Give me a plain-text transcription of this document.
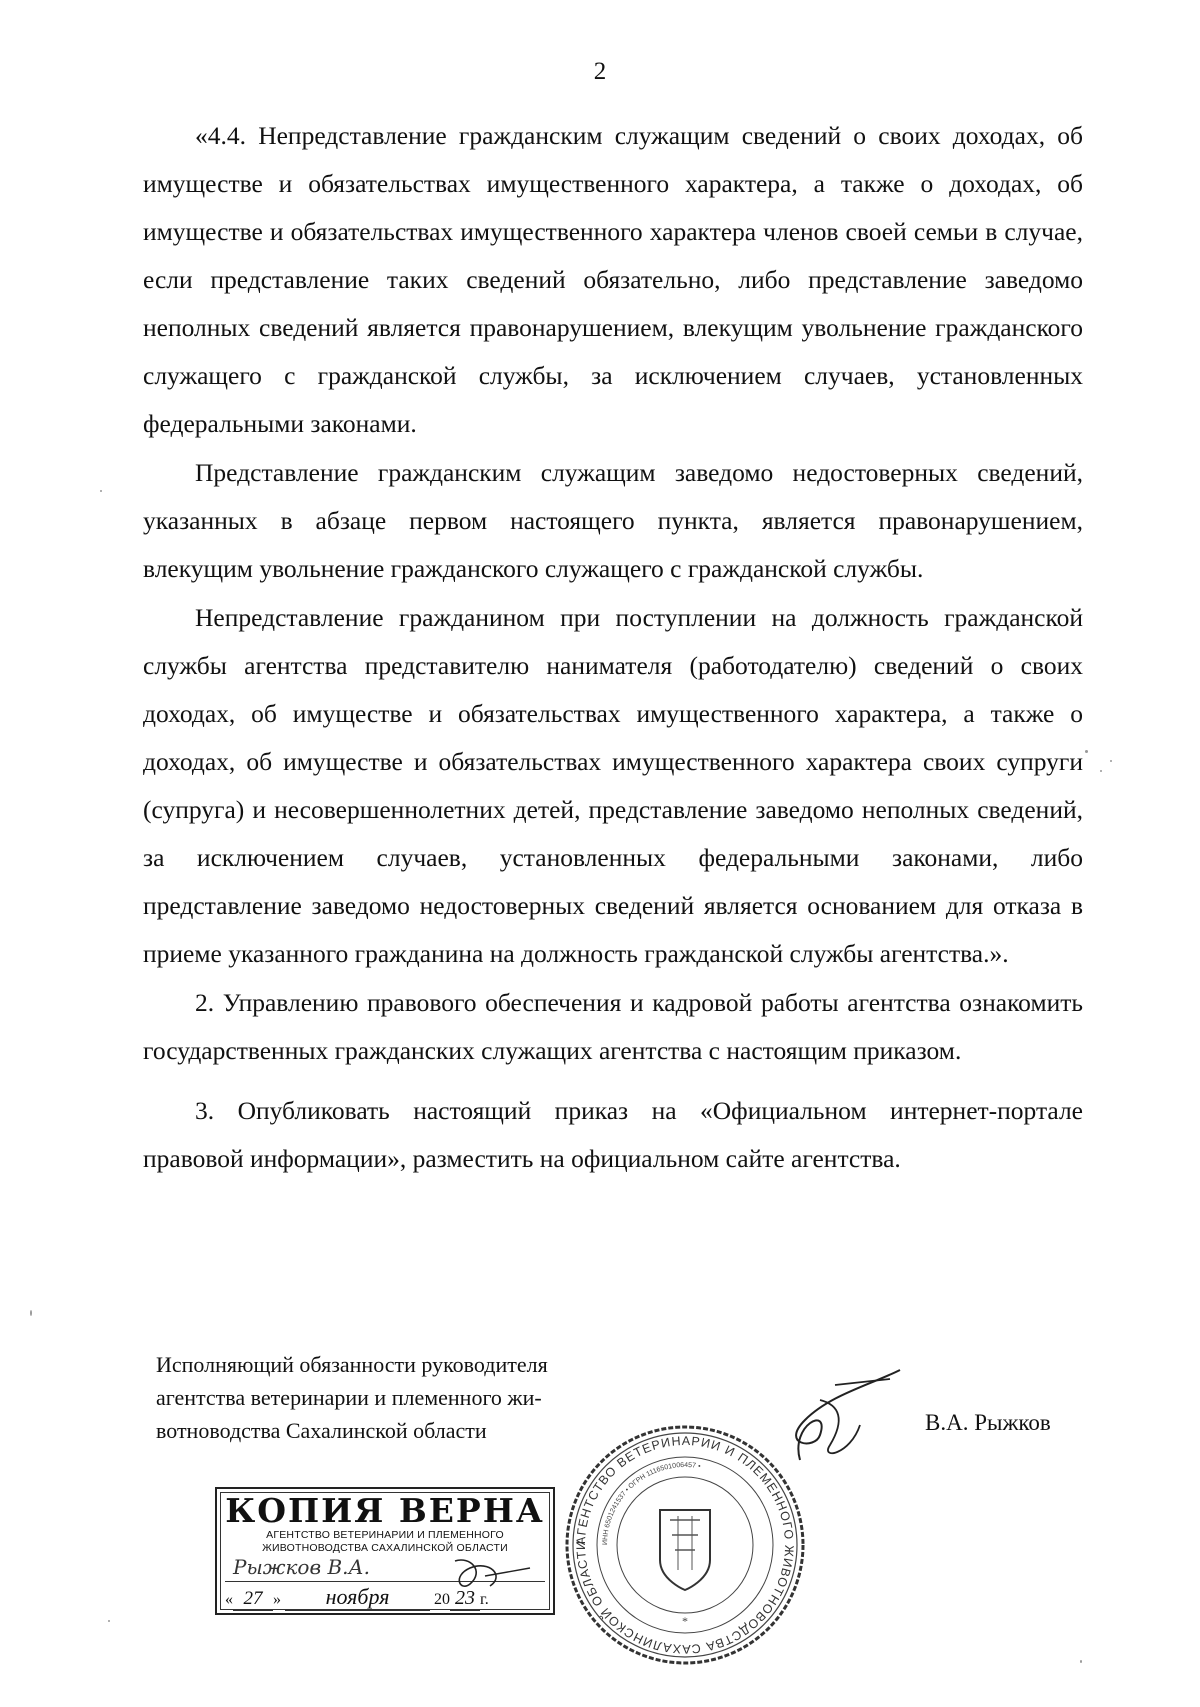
2

«4.4. Непредставление гражданским служащим сведений о своих доходах, об имуществе и обязательствах имущественного характера, а также о доходах, об имуществе и обязательствах имущественного характера членов своей семьи в случае, если представление таких сведений обязательно, либо представление заведомо неполных сведений является правонарушением, влекущим увольнение гражданского служащего с гражданской службы, за исключением случаев, установленных федеральными законами.

Представление гражданским служащим заведомо недостоверных сведений, указанных в абзаце первом настоящего пункта, является правонарушением, влекущим увольнение гражданского служащего с гражданской службы.

Непредставление гражданином при поступлении на должность гражданской службы агентства представителю нанимателя (работодателю) сведений о своих доходах, об имуществе и обязательствах имущественного характера, а также о доходах, об имуществе и обязательствах имущественного характера своих супруги (супруга) и несовершеннолетних детей, представление заведомо неполных сведений, за исключением случаев, установленных федеральными законами, либо представление заведомо недостоверных сведений является основанием для отказа в приеме указанного гражданина на должность гражданской службы агентства.».

2. Управлению правового обеспечения и кадровой работы агентства ознакомить государственных гражданских служащих агентства с настоящим приказом.

3. Опубликовать настоящий приказ на «Официальном интернет-портале правовой информации», разместить на официальном сайте агентства.

Исполняющий обязанности руководителя
агентства ветеринарии и племенного жи-
вотноводства Сахалинской области	В.А. Рыжков
АГЕНТСТВО ВЕТЕРИНАРИИ И ПЛЕМЕННОГО ЖИВОТНОВОДСТВА САХАЛИНСКОЙ ОБЛАСТИ	ИНН 6501241537 • ОГРН 1116501006457 •
*
КОПИЯ ВЕРНА
АГЕНТСТВО ВЕТЕРИНАРИИ И ПЛЕМЕННОГО
ЖИВОТНОВОДСТВА САХАЛИНСКОЙ ОБЛАСТИ
Рыжков В.А.
« 27 » ноября	20 23 г.
